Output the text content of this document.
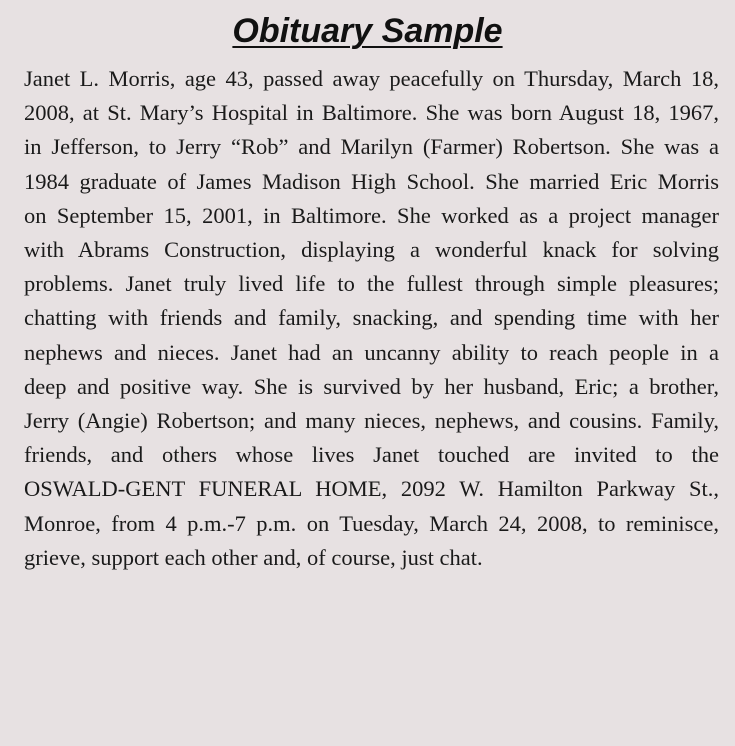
Obituary Sample

Janet L. Morris, age 43, passed away peacefully on Thursday, March 18,
2008, at St. Mary’s Hospital in Baltimore. She was born August 18, 1967,
in Jefferson, to Jerry “Rob” and Marilyn (Farmer) Robertson. She was a
1984 graduate of James Madison High School. She married Eric Morris
on September 15, 2001, in Baltimore. She worked as a project manager
with Abrams Construction, displaying a wonderful knack for solving
problems. Janet truly lived life to the fullest through simple pleasures;
chatting with friends and family, snacking, and spending time with her
nephews and nieces. Janet had an uncanny ability to reach people in a
deep and positive way. She is survived by her husband, Eric; a brother,
Jerry (Angie) Robertson; and many nieces, nephews, and cousins. Family,
friends, and others whose lives Janet touched are invited to the
OSWALD-GENT FUNERAL HOME, 2092 W. Hamilton Parkway St.,
Monroe, from 4 p.m.-7 p.m. on Tuesday, March 24, 2008, to reminisce,
grieve, support each other and, of course, just chat.
